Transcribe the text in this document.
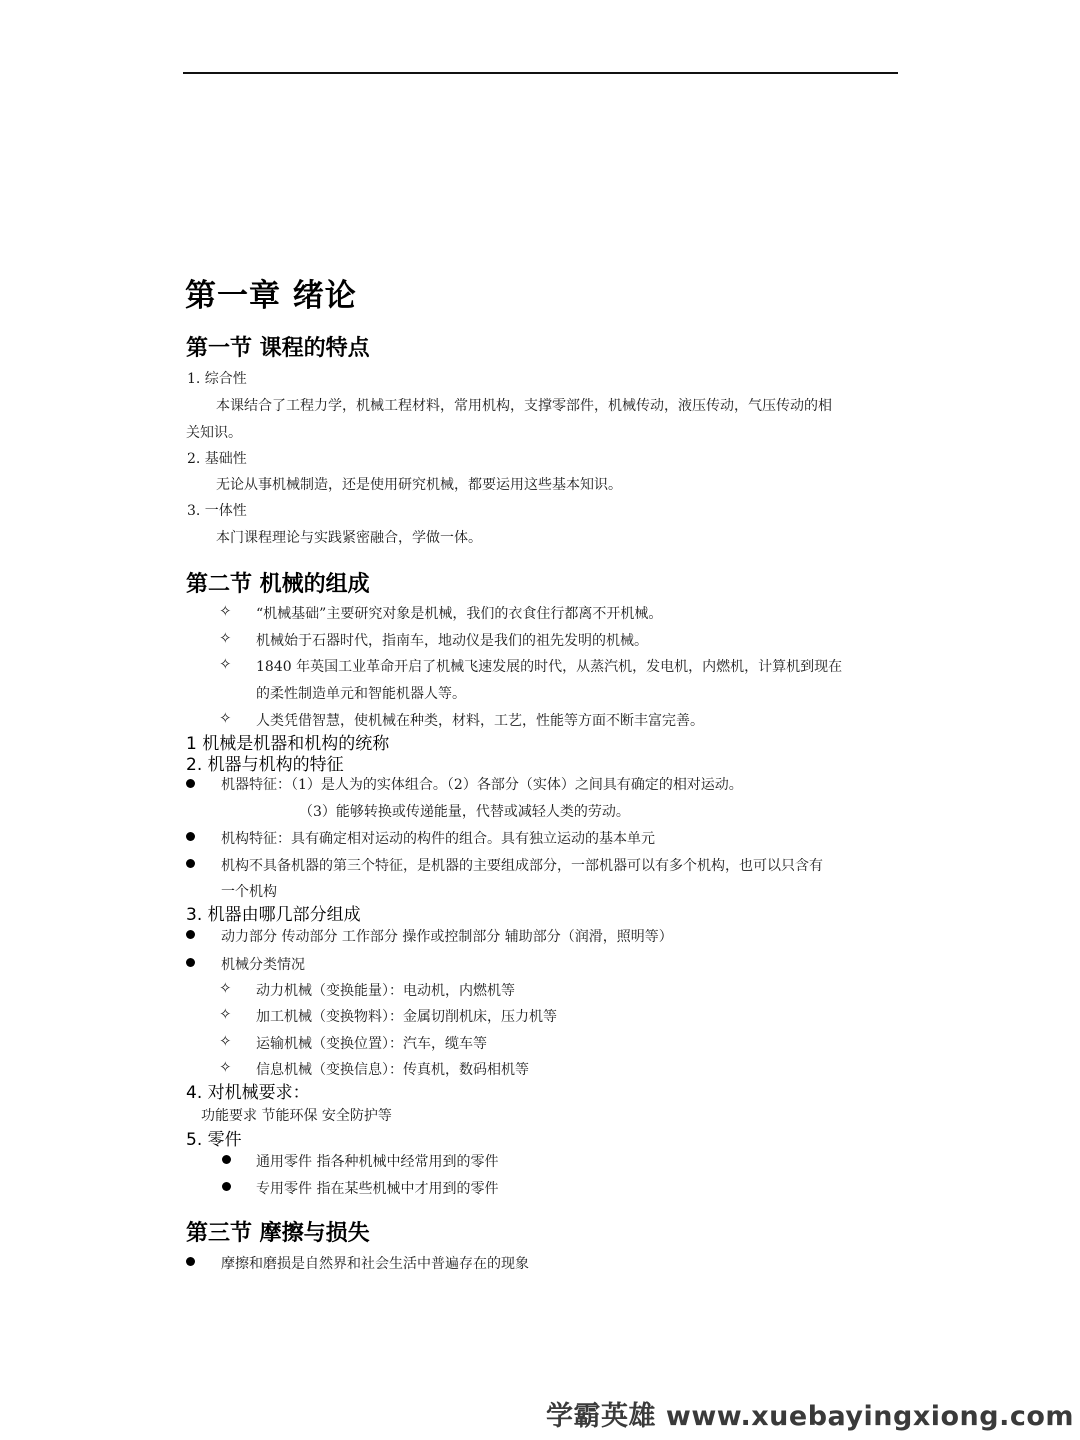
第一章 绪论
第一节 课程的特点
1. 综合性
本课结合了工程力学，机械工程材料，常用机构，支撑零部件，机械传动，液压传动，气压传动的相
关知识。
2. 基础性
无论从事机械制造，还是使用研究机械，都要运用这些基本知识。
3. 一体性
本门课程理论与实践紧密融合，学做一体。
第二节 机械的组成
✧ “机械基础”主要研究对象是机械，我们的衣食住行都离不开机械。
✧ 机械始于石器时代，指南车，地动仪是我们的祖先发明的机械。
✧ 1840 年英国工业革命开启了机械飞速发展的时代，从蒸汽机，发电机，内燃机，计算机到现在
的柔性制造单元和智能机器人等。
✧ 人类凭借智慧，使机械在种类，材料，工艺，性能等方面不断丰富完善。
1 机械是机器和机构的统称
2. 机器与机构的特征
机器特征：（1）是人为的实体组合。（2）各部分（实体）之间具有确定的相对运动。
（3）能够转换或传递能量，代替或减轻人类的劳动。
机构特征：具有确定相对运动的构件的组合。具有独立运动的基本单元
机构不具备机器的第三个特征，是机器的主要组成部分，一部机器可以有多个机构，也可以只含有
一个机构
3. 机器由哪几部分组成
动力部分 传动部分 工作部分 操作或控制部分 辅助部分（润滑，照明等）
机械分类情况
✧ 动力机械（变换能量）：电动机，内燃机等
✧ 加工机械（变换物料）：金属切削机床，压力机等
✧ 运输机械（变换位置）：汽车，缆车等
✧ 信息机械（变换信息）：传真机，数码相机等
4. 对机械要求：
功能要求 节能环保 安全防护等
5. 零件
通用零件 指各种机械中经常用到的零件
专用零件 指在某些机械中才用到的零件
第三节 摩擦与损失
摩擦和磨损是自然界和社会生活中普遍存在的现象
学霸英雄 www.xuebayingxiong.com
